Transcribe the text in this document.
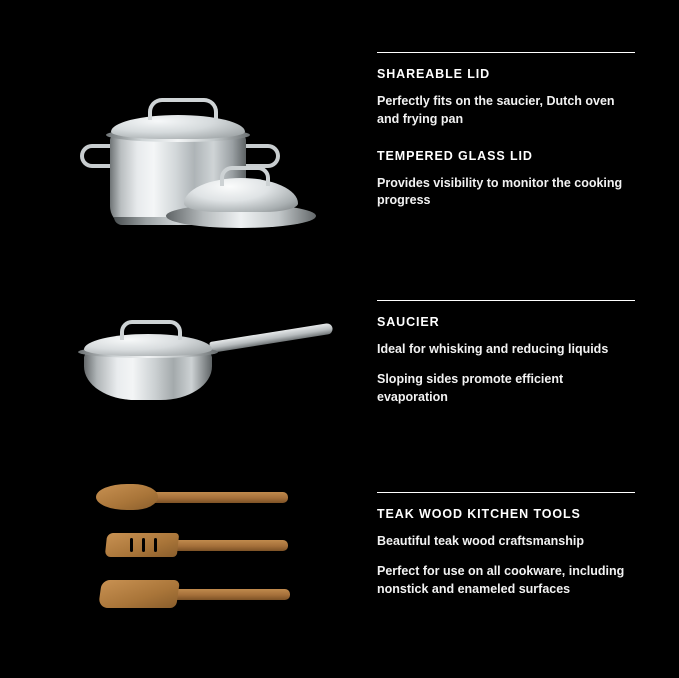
SHAREABLE LID
Perfectly fits on the saucier, Dutch oven and frying pan
TEMPERED GLASS LID
Provides visibility to monitor the cooking progress
SAUCIER
Ideal for whisking and reducing liquids
Sloping sides promote efficient evaporation
TEAK WOOD KITCHEN TOOLS
Beautiful teak wood craftsmanship
Perfect for use on all cookware, including nonstick and enameled surfaces
